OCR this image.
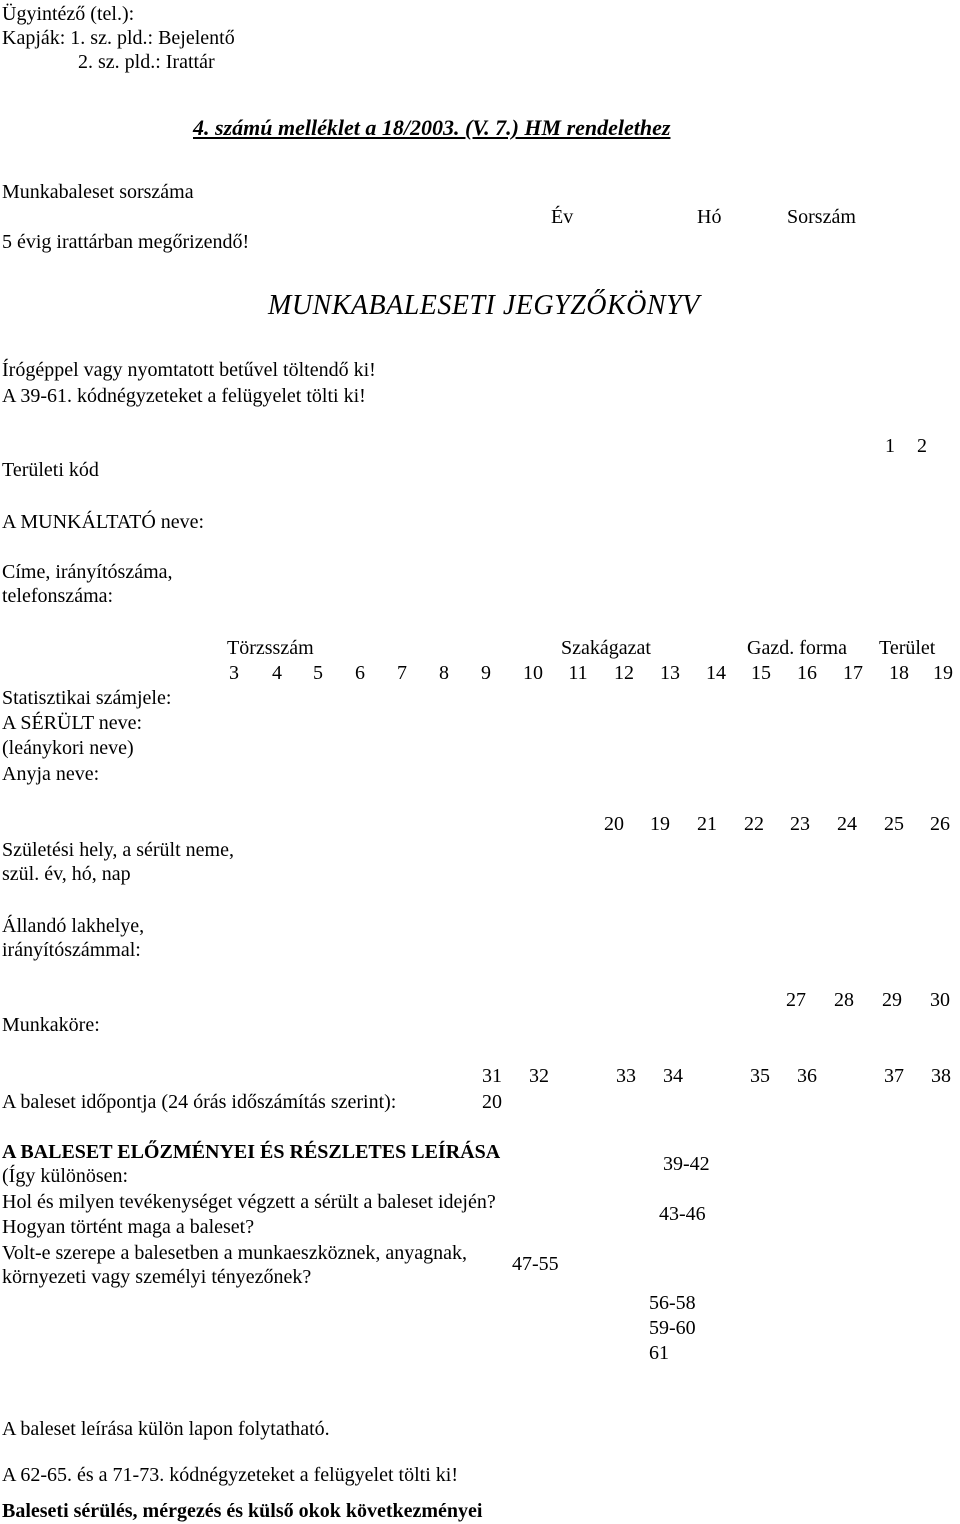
Ügyintéző (tel.):
Kapják: 1. sz. pld.: Bejelentő
2. sz. pld.: Irattár
4. számú melléklet a 18/2003. (V. 7.) HM rendelethez
Munkabaleset sorszáma
5 évig irattárban megőrizendő!
Év	Hó	Sorszám
MUNKABALESETI JEGYZŐKÖNYV
Írógéppel vagy nyomtatott betűvel töltendő ki!
A 39-61. kódnégyzeteket a felügyelet tölti ki!
Területi kód
1 2
A MUNKÁLTATÓ neve:
Címe, irányítószáma,
telefonszáma:
Törzsszám	Szakágazat	Gazd. forma Terület
3	4	5	6	7	8	9	10 11 12 13 14 15 16 17 18 19
Statisztikai számjele:
A SÉRÜLT neve:
(leánykori neve)
Anyja neve:
20 19 21 22 23 24 25 26
Születési hely, a sérült neme,
szül. év, hó, nap
Állandó lakhelye,
irányítószámmal:
27 28 29 30
Munkaköre:
31 32	33 34	35 36	37 38
A baleset időpontja (24 órás időszámítás szerint):	20
A BALESET ELŐZMÉNYEI ÉS RÉSZLETES LEÍRÁSA
(Így különösen:
Hol és milyen tevékenységet végzett a sérült a baleset idején?
Hogyan történt maga a baleset?
Volt-e szerepe a balesetben a munkaeszköznek, anyagnak,
környezeti vagy személyi tényezőnek?
39-42
43-46
47-55
56-58
59-60
61
A baleset leírása külön lapon folytatható.
A 62-65. és a 71-73. kódnégyzeteket a felügyelet tölti ki!
Baleseti sérülés, mérgezés és külső okok következményei
